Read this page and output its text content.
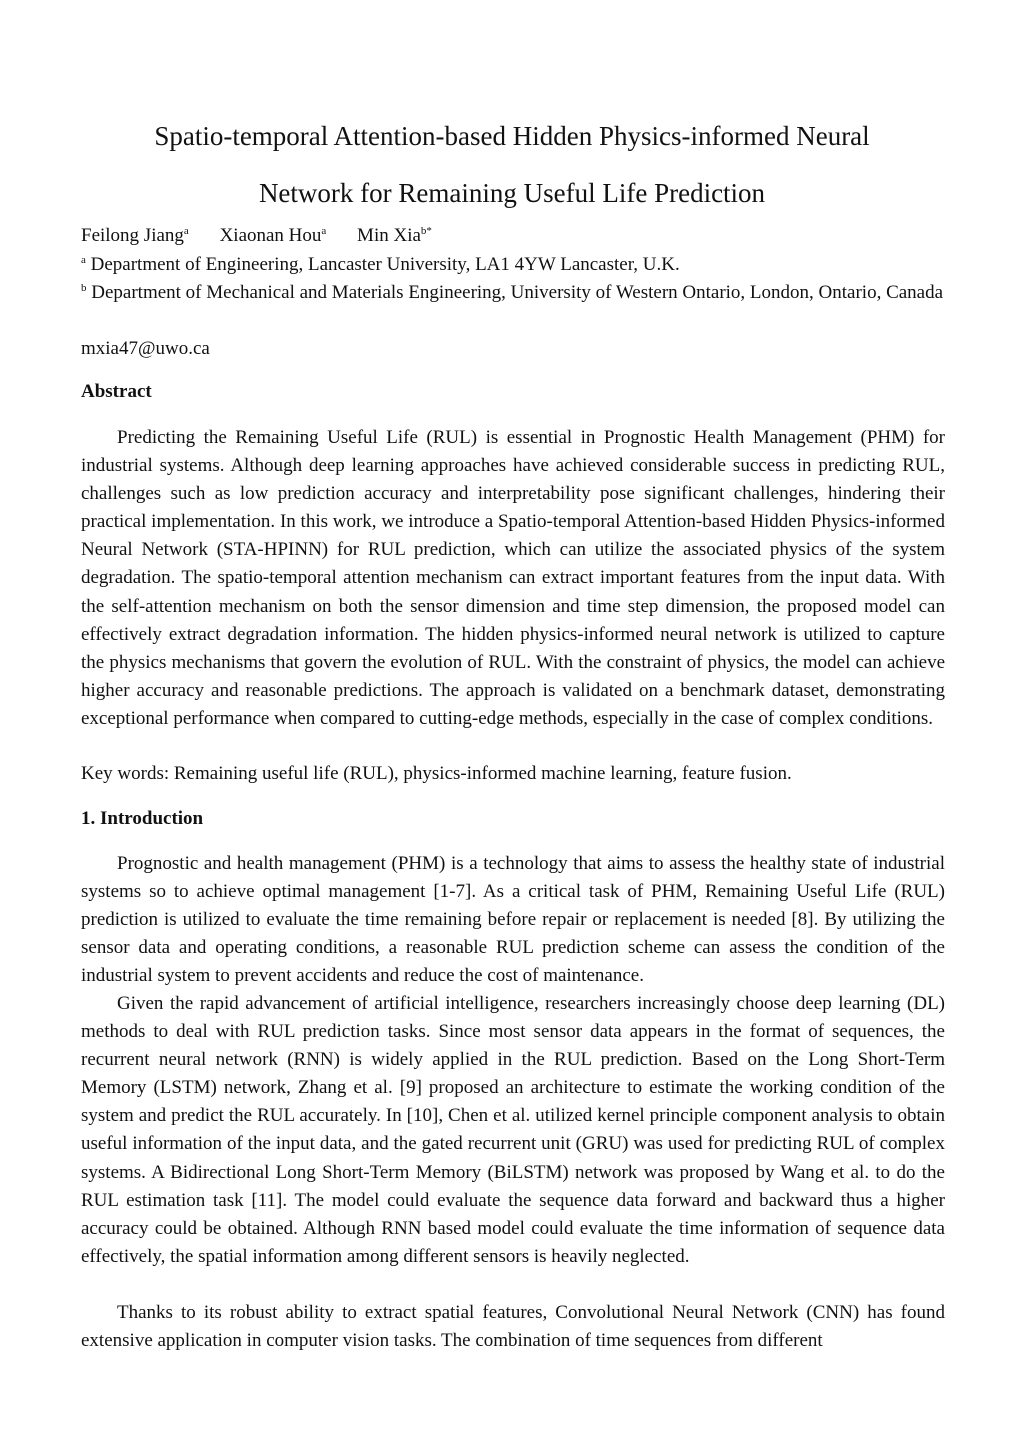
Spatio-temporal Attention-based Hidden Physics-informed Neural
Network for Remaining Useful Life Prediction
Feilong Jiang$^a$ Xiaonan Hou$^a$ Min Xia$^{b*}$
$^a$ Department of Engineering, Lancaster University, LA1 4YW Lancaster, U.K.
$^b$ Department of Mechanical and Materials Engineering, University of Western Ontario, London, Ontario, Canada
mxia47@uwo.ca
Abstract

Predicting the Remaining Useful Life (RUL) is essential in Prognostic Health Management (PHM) for industrial systems. Although deep learning approaches have achieved considerable success in predicting RUL, challenges such as low prediction accuracy and interpretability pose significant challenges, hindering their practical implementation. In this work, we introduce a Spatio-temporal Attention-based Hidden Physics-informed Neural Network (STA-HPINN) for RUL prediction, which can utilize the associated physics of the system degradation. The spatio-temporal attention mechanism can extract important features from the input data. With the self-attention mechanism on both the sensor dimension and time step dimension, the proposed model can effectively extract degradation information. The hidden physics-informed neural network is utilized to capture the physics mechanisms that govern the evolution of RUL. With the constraint of physics, the model can achieve higher accuracy and reasonable predictions. The approach is validated on a benchmark dataset, demonstrating exceptional performance when compared to cutting-edge methods, especially in the case of complex conditions.

Key words: Remaining useful life (RUL), physics-informed machine learning, feature fusion.
1. Introduction

Prognostic and health management (PHM) is a technology that aims to assess the healthy state of industrial systems so to achieve optimal management [1-7]. As a critical task of PHM, Remaining Useful Life (RUL) prediction is utilized to evaluate the time remaining before repair or replacement is needed [8]. By utilizing the sensor data and operating conditions, a reasonable RUL prediction scheme can assess the condition of the industrial system to prevent accidents and reduce the cost of maintenance.

Given the rapid advancement of artificial intelligence, researchers increasingly choose deep learning (DL) methods to deal with RUL prediction tasks. Since most sensor data appears in the format of sequences, the recurrent neural network (RNN) is widely applied in the RUL prediction. Based on the Long Short-Term Memory (LSTM) network, Zhang et al. [9] proposed an architecture to estimate the working condition of the system and predict the RUL accurately. In [10], Chen et al. utilized kernel principle component analysis to obtain useful information of the input data, and the gated recurrent unit (GRU) was used for predicting RUL of complex systems. A Bidirectional Long Short-Term Memory (BiLSTM) network was proposed by Wang et al. to do the RUL estimation task [11]. The model could evaluate the sequence data forward and backward thus a higher accuracy could be obtained. Although RNN based model could evaluate the time information of sequence data effectively, the spatial information among different sensors is heavily neglected.

Thanks to its robust ability to extract spatial features, Convolutional Neural Network (CNN) has found extensive application in computer vision tasks. The combination of time sequences from different
